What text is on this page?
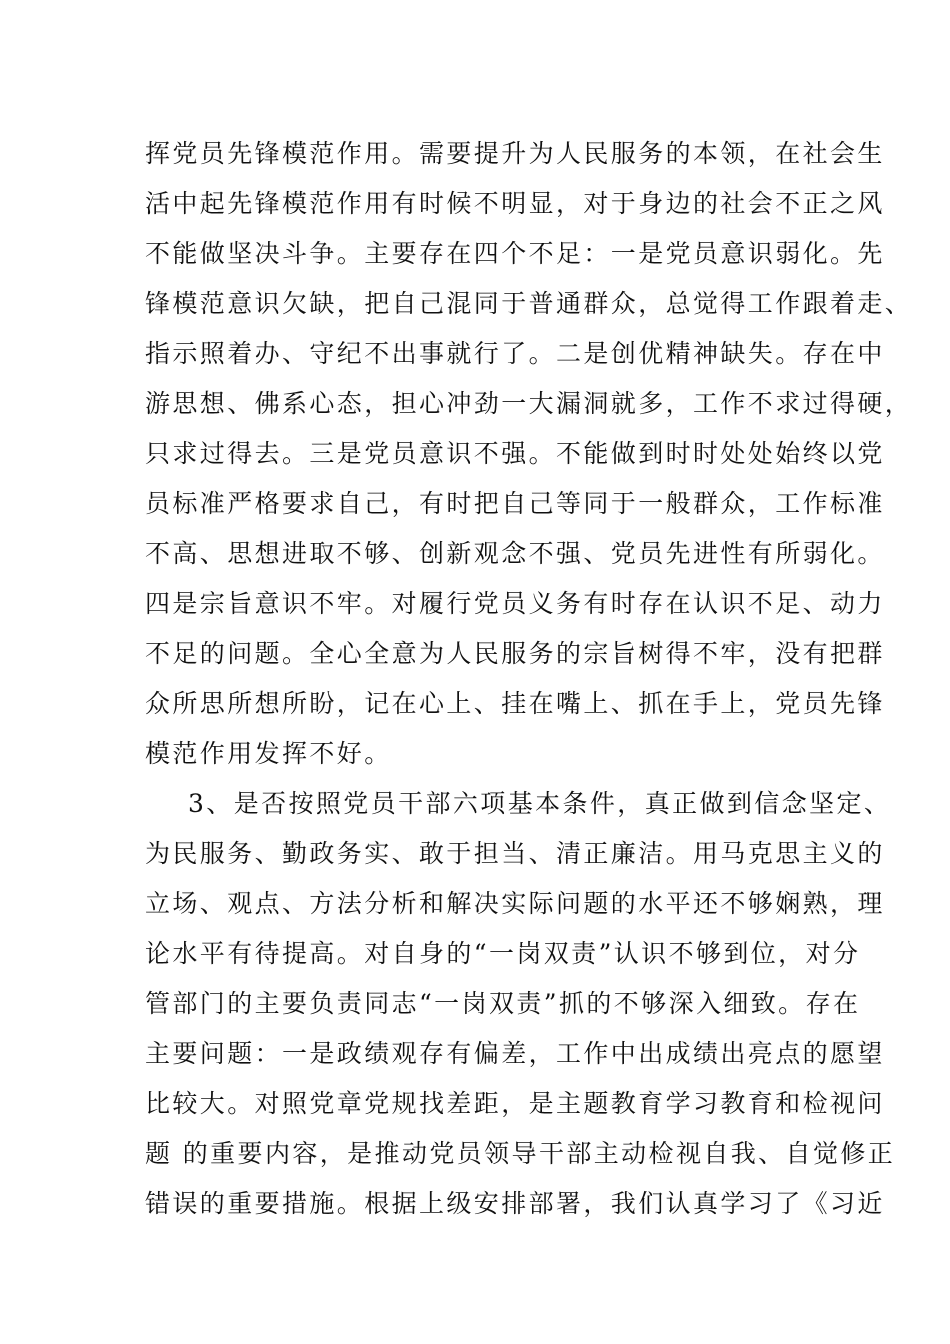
挥党员先锋模范作用。需要提升为人民服务的本领，在社会生
活中起先锋模范作用有时候不明显，对于身边的社会不正之风
不能做坚决斗争。主要存在四个不足：一是党员意识弱化。先
锋模范意识欠缺，把自己混同于普通群众，总觉得工作跟着走、
指示照着办、守纪不出事就行了。二是创优精神缺失。存在中
游思想、佛系心态，担心冲劲一大漏洞就多，工作不求过得硬，
只求过得去。三是党员意识不强。不能做到时时处处始终以党
员标准严格要求自己，有时把自己等同于一般群众，工作标准
不高、思想进取不够、创新观念不强、党员先进性有所弱化。
四是宗旨意识不牢。对履行党员义务有时存在认识不足、动力
不足的问题。全心全意为人民服务的宗旨树得不牢，没有把群
众所思所想所盼，记在心上、挂在嘴上、抓在手上，党员先锋
模范作用发挥不好。
3、是否按照党员干部六项基本条件，真正做到信念坚定、
为民服务、勤政务实、敢于担当、清正廉洁。用马克思主义的
立场、观点、方法分析和解决实际问题的水平还不够娴熟，理
论水平有待提高。对自身的“一岗双责”认识不够到位，对分
管部门的主要负责同志“一岗双责”抓的不够深入细致。存在
主要问题：一是政绩观存有偏差，工作中出成绩出亮点的愿望
比较大。对照党章党规找差距，是主题教育学习教育和检视问
题 的重要内容，是推动党员领导干部主动检视自我、自觉修正
错误的重要措施。根据上级安排部署，我们认真学习了《习近
